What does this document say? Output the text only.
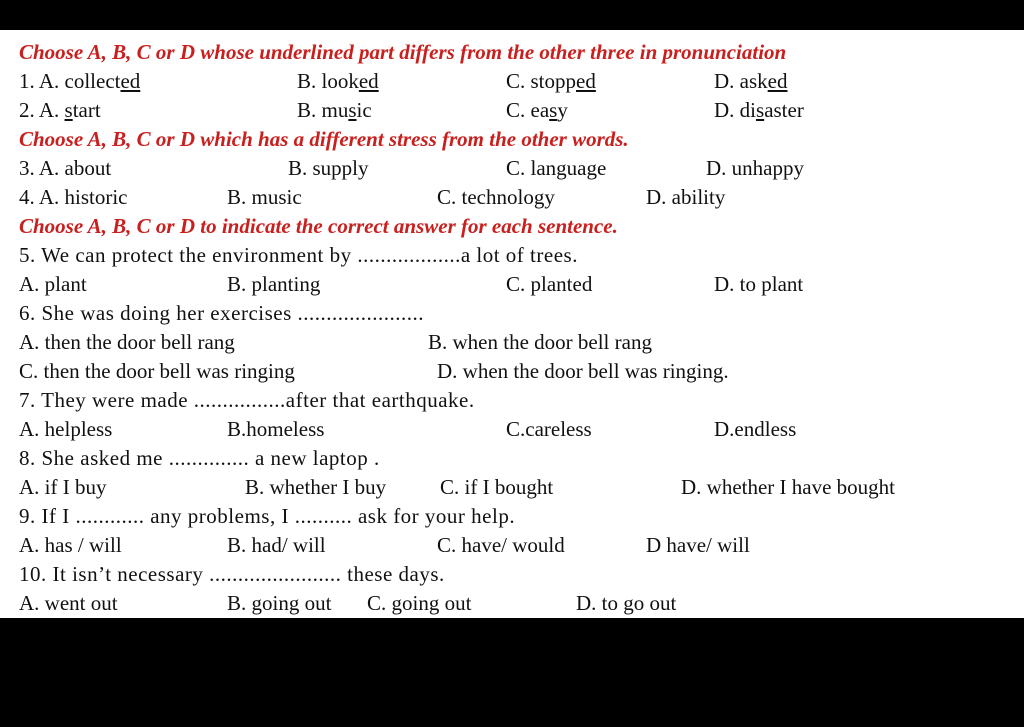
Choose A, B, C or D whose underlined part differs from the other three in pronunciation
1. A. collected	B. looked	C. stopped	D. asked
2. A. start	B. music	C. easy	D. disaster
Choose A, B, C or D which has a different stress from the other words.
3. A. about	B. supply	C. language	D. unhappy
4. A. historic	B. music	C. technology	D. ability
Choose A, B, C or D to indicate the correct answer for each sentence.
5. We can protect the environment by ..................a lot of trees.
A. plant	B. planting	C. planted	D. to plant
6. She was doing her exercises ......................
A. then the door bell rang	B. when the door bell rang
C. then the door bell was ringing	D. when the door bell was ringing.
7. They were made ................after that earthquake.
A. helpless	B.homeless	C.careless	D.endless
8. She asked me .............. a new laptop .
A. if I buy	B. whether I buy	C. if I bought	D. whether I have bought
9. If I ............ any problems, I .......... ask for your help.
A. has / will	B. had/ will	C. have/ would	D have/ will
10. It isn’t necessary ....................... these days.
A. went out	B. going out C. going out	D. to go out
